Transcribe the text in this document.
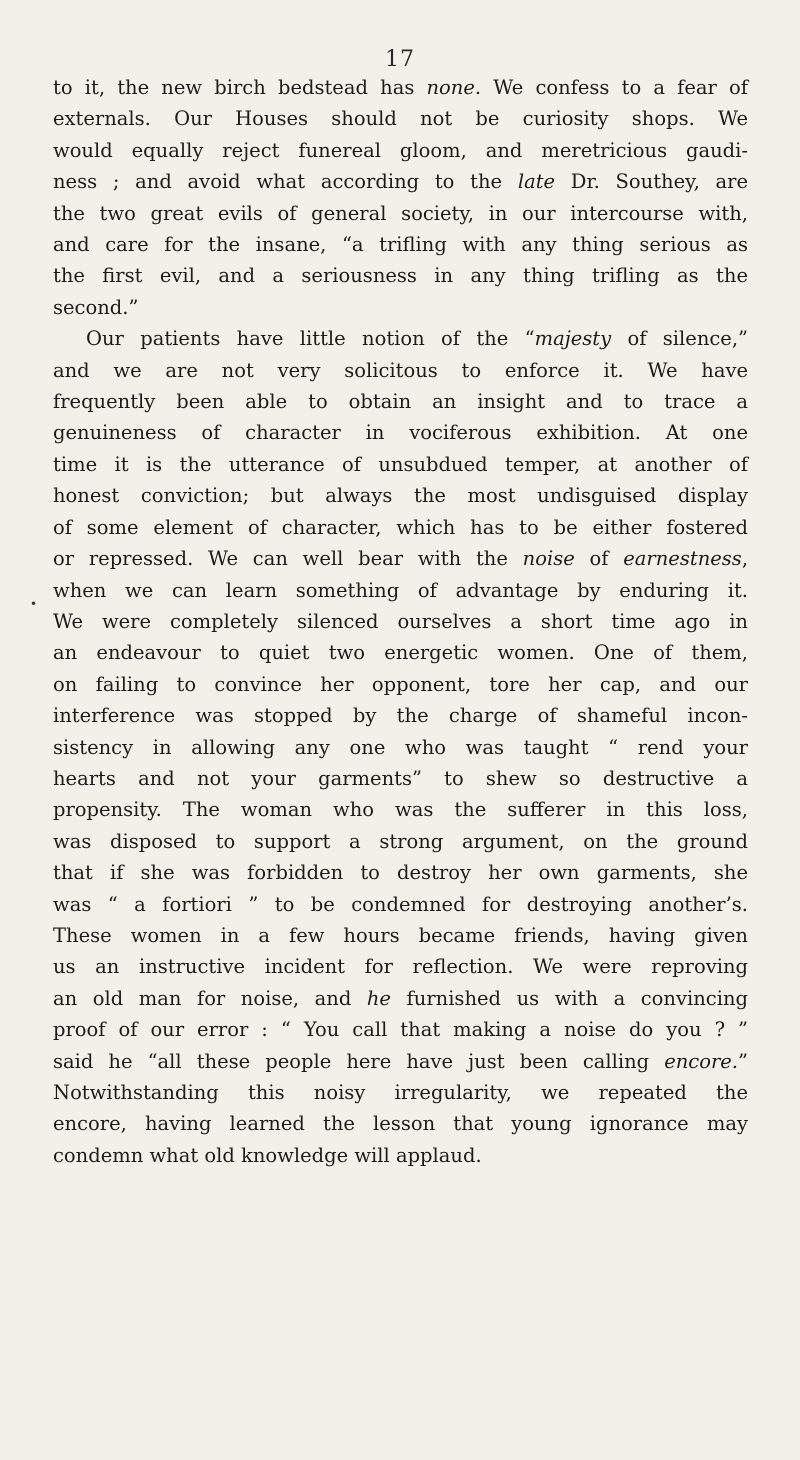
17
•
to it, the new birch bedstead has none. We confess to a fear of
externals. Our Houses should not be curiosity shops. We
would equally reject funereal gloom, and meretricious gaudi-
ness ; and avoid what according to the late Dr. Southey, are
the two great evils of general society, in our intercourse with,
and care for the insane, “a trifling with any thing serious as
the first evil, and a seriousness in any thing trifling as the
second.”
Our patients have little notion of the “majesty of silence,”
and we are not very solicitous to enforce it. We have
frequently been able to obtain an insight and to trace a
genuineness of character in vociferous exhibition. At one
time it is the utterance of unsubdued temper, at another of
honest conviction; but always the most undisguised display
of some element of character, which has to be either fostered
or repressed. We can well bear with the noise of earnestness,
when we can learn something of advantage by enduring it.
We were completely silenced ourselves a short time ago in
an endeavour to quiet two energetic women. One of them,
on failing to convince her opponent, tore her cap, and our
interference was stopped by the charge of shameful incon-
sistency in allowing any one who was taught “ rend your
hearts and not your garments” to shew so destructive a
propensity. The woman who was the sufferer in this loss,
was disposed to support a strong argument, on the ground
that if she was forbidden to destroy her own garments, she
was “ a fortiori ” to be condemned for destroying another’s.
These women in a few hours became friends, having given
us an instructive incident for reflection. We were reproving
an old man for noise, and he furnished us with a convincing
proof of our error : “ You call that making a noise do you ? ”
said he “all these people here have just been calling encore.”
Notwithstanding this noisy irregularity, we repeated the
encore, having learned the lesson that young ignorance may
condemn what old knowledge will applaud.
